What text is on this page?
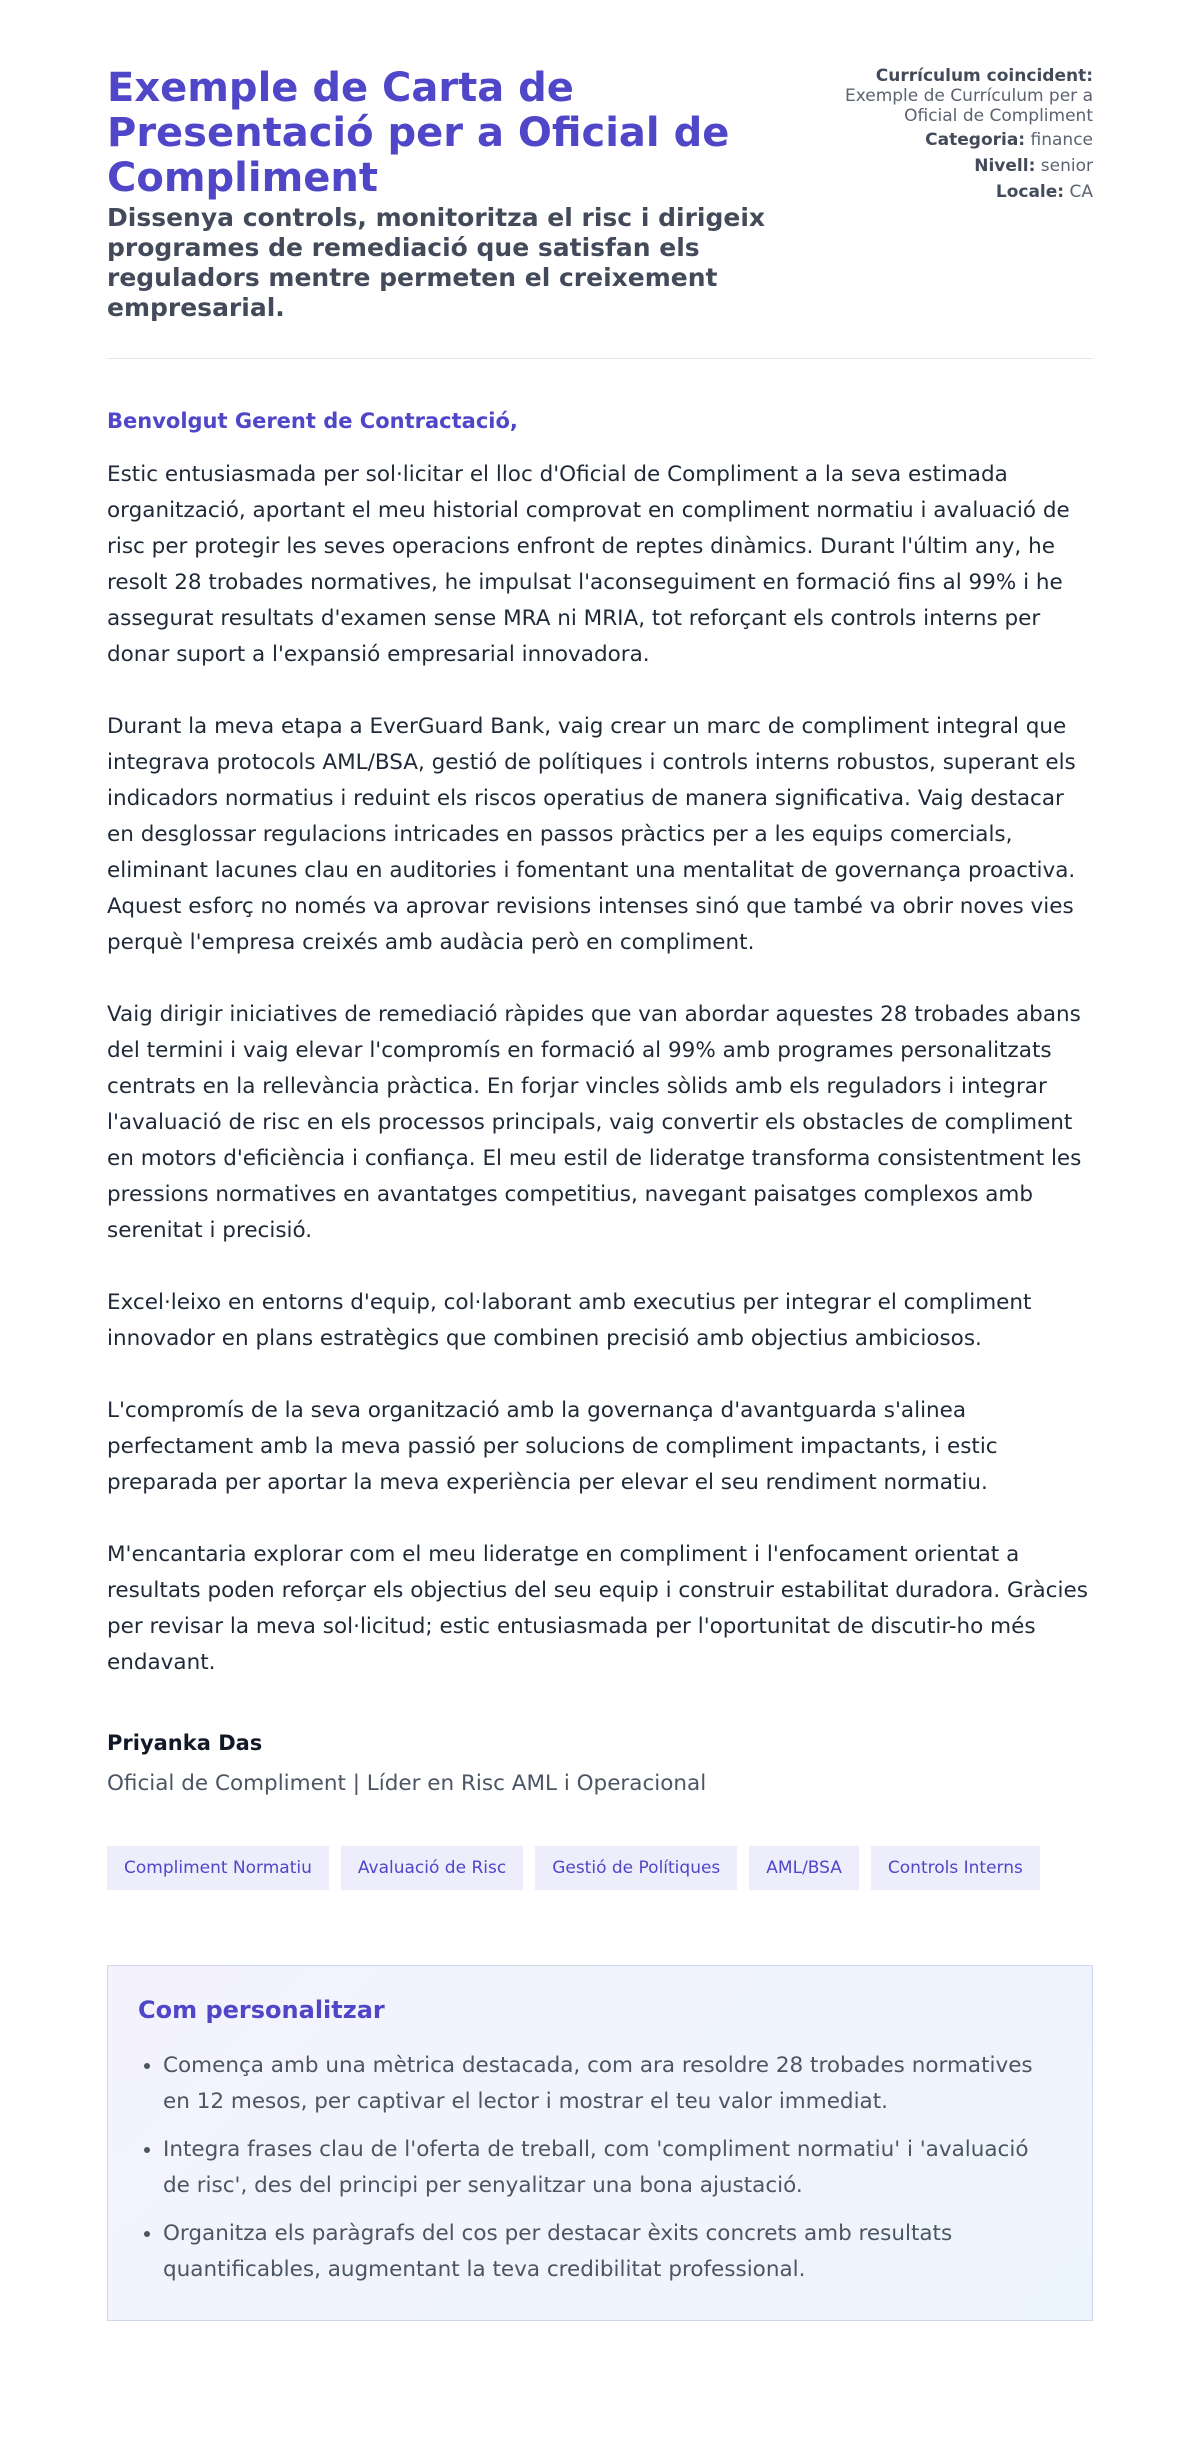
Exemple de Carta de Presentació per a Oficial de Compliment

Dissenya controls, monitoritza el risc i dirigeix programes de remediació que satisfan els reguladors mentre permeten el creixement empresarial.

Currículum coincident:
Exemple de Currículum per a Oficial de Compliment
Categoria: finance
Nivell: senior
Locale: CA

Benvolgut Gerent de Contractació,

Estic entusiasmada per sol·licitar el lloc d'Oficial de Compliment a la seva estimada organització, aportant el meu historial comprovat en compliment normatiu i avaluació de risc per protegir les seves operacions enfront de reptes dinàmics. Durant l'últim any, he resolt 28 trobades normatives, he impulsat l'aconseguiment en formació fins al 99% i he assegurat resultats d'examen sense MRA ni MRIA, tot reforçant els controls interns per donar suport a l'expansió empresarial innovadora.

Durant la meva etapa a EverGuard Bank, vaig crear un marc de compliment integral que integrava protocols AML/BSA, gestió de polítiques i controls interns robustos, superant els indicadors normatius i reduint els riscos operatius de manera significativa. Vaig destacar en desglossar regulacions intricades en passos pràctics per a les equips comercials, eliminant lacunes clau en auditories i fomentant una mentalitat de governança proactiva. Aquest esforç no només va aprovar revisions intenses sinó que també va obrir noves vies perquè l'empresa creixés amb audàcia però en compliment.

Vaig dirigir iniciatives de remediació ràpides que van abordar aquestes 28 trobades abans del termini i vaig elevar l'compromís en formació al 99% amb programes personalitzats centrats en la rellevància pràctica. En forjar vincles sòlids amb els reguladors i integrar l'avaluació de risc en els processos principals, vaig convertir els obstacles de compliment en motors d'eficiència i confiança. El meu estil de lideratge transforma consistentment les pressions normatives en avantatges competitius, navegant paisatges complexos amb serenitat i precisió.

Excel·leixo en entorns d'equip, col·laborant amb executius per integrar el compliment innovador en plans estratègics que combinen precisió amb objectius ambiciosos.

L'compromís de la seva organització amb la governança d'avantguarda s'alinea perfectament amb la meva passió per solucions de compliment impactants, i estic preparada per aportar la meva experiència per elevar el seu rendiment normatiu.

M'encantaria explorar com el meu lideratge en compliment i l'enfocament orientat a resultats poden reforçar els objectius del seu equip i construir estabilitat duradora. Gràcies per revisar la meva sol·licitud; estic entusiasmada per l'oportunitat de discutir-ho més endavant.

Priyanka Das
Oficial de Compliment | Líder en Risc AML i Operacional
Compliment Normatiu	Avaluació de Risc	Gestió de Polítiques	AML/BSA	Controls Interns
Com personalitzar
• Comença amb una mètrica destacada, com ara resoldre 28 trobades normatives en 12 mesos, per captivar el lector i mostrar el teu valor immediat.
• Integra frases clau de l'oferta de treball, com 'compliment normatiu' i 'avaluació de risc', des del principi per senyalitzar una bona ajustació.
• Organitza els paràgrafs del cos per destacar èxits concrets amb resultats quantificables, augmentant la teva credibilitat professional.
